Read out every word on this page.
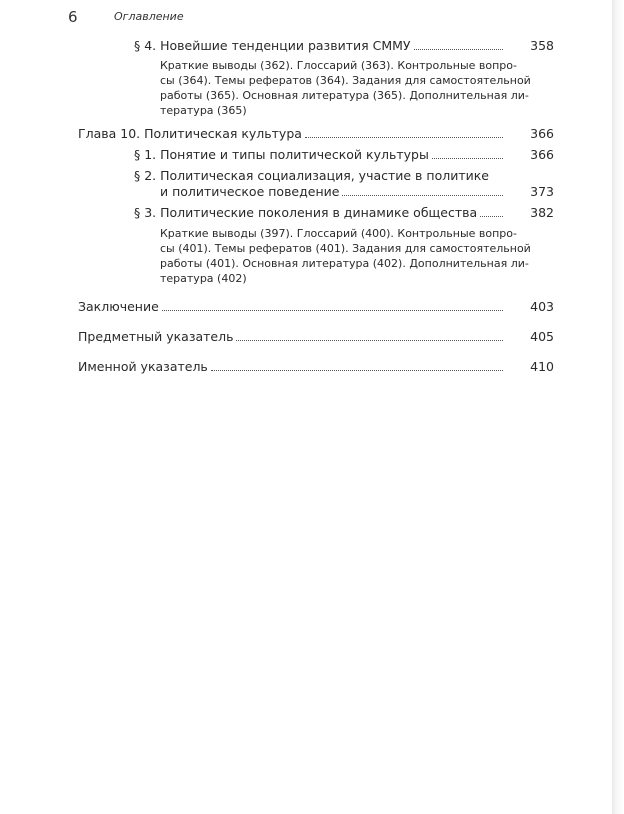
6	Оглавление
§ 4. Новейшие тенденции развития СММУ	358
Краткие выводы (362). Глоссарий (363). Контрольные вопро-
сы (364). Темы рефератов (364). Задания для самостоятельной
работы (365). Основная литература (365). Дополнительная ли-
тература (365)
Глава 10. Политическая культура	366
§ 1. Понятие и типы политической культуры	366
§ 2. Политическая социализация, участие в политике
и политическое поведение	373
§ 3. Политические поколения в динамике общества	382
Краткие выводы (397). Глоссарий (400). Контрольные вопро-
сы (401). Темы рефератов (401). Задания для самостоятельной
работы (401). Основная литература (402). Дополнительная ли-
тература (402)
Заключение	403
Предметный указатель	405
Именной указатель	410
